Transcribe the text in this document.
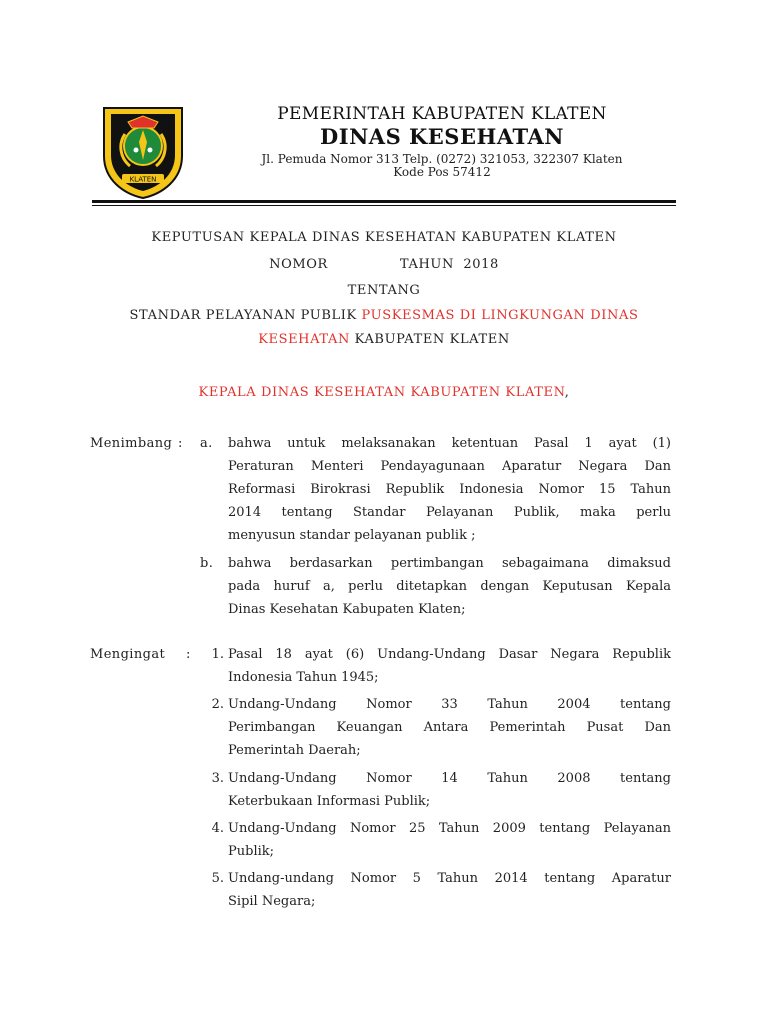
KLATEN
PEMERINTAH KABUPATEN KLATEN
DINAS KESEHATAN
Jl. Pemuda Nomor 313 Telp. (0272) 321053, 322307 Klaten
Kode Pos 57412
KEPUTUSAN KEPALA DINAS KESEHATAN KABUPATEN KLATEN
NOMOR	TAHUN 2018
TENTANG
STANDAR PELAYANAN PUBLIK PUSKESMAS DI LINGKUNGAN DINAS
KESEHATAN KABUPATEN KLATEN
KEPALA DINAS KESEHATAN KABUPATEN KLATEN,
Menimbang : a. bahwa untuk melaksanakan ketentuan Pasal 1 ayat (1)
Peraturan Menteri Pendayagunaan Aparatur Negara Dan
Reformasi Birokrasi Republik Indonesia Nomor 15 Tahun
2014 tentang Standar Pelayanan Publik, maka perlu
menyusun standar pelayanan publik ;
b. bahwa berdasarkan pertimbangan sebagaimana dimaksud
pada huruf a, perlu ditetapkan dengan Keputusan Kepala
Dinas Kesehatan Kabupaten Klaten;
Mengingat :	1. Pasal 18 ayat (6) Undang-Undang Dasar Negara Republik
Indonesia Tahun 1945;
2. Undang-Undang Nomor 33 Tahun 2004 tentang
Perimbangan Keuangan Antara Pemerintah Pusat Dan
Pemerintah Daerah;
3. Undang-Undang Nomor 14 Tahun 2008 tentang
Keterbukaan Informasi Publik;
4. Undang-Undang Nomor 25 Tahun 2009 tentang Pelayanan
Publik;
5. Undang-undang Nomor 5 Tahun 2014 tentang Aparatur
Sipil Negara;
